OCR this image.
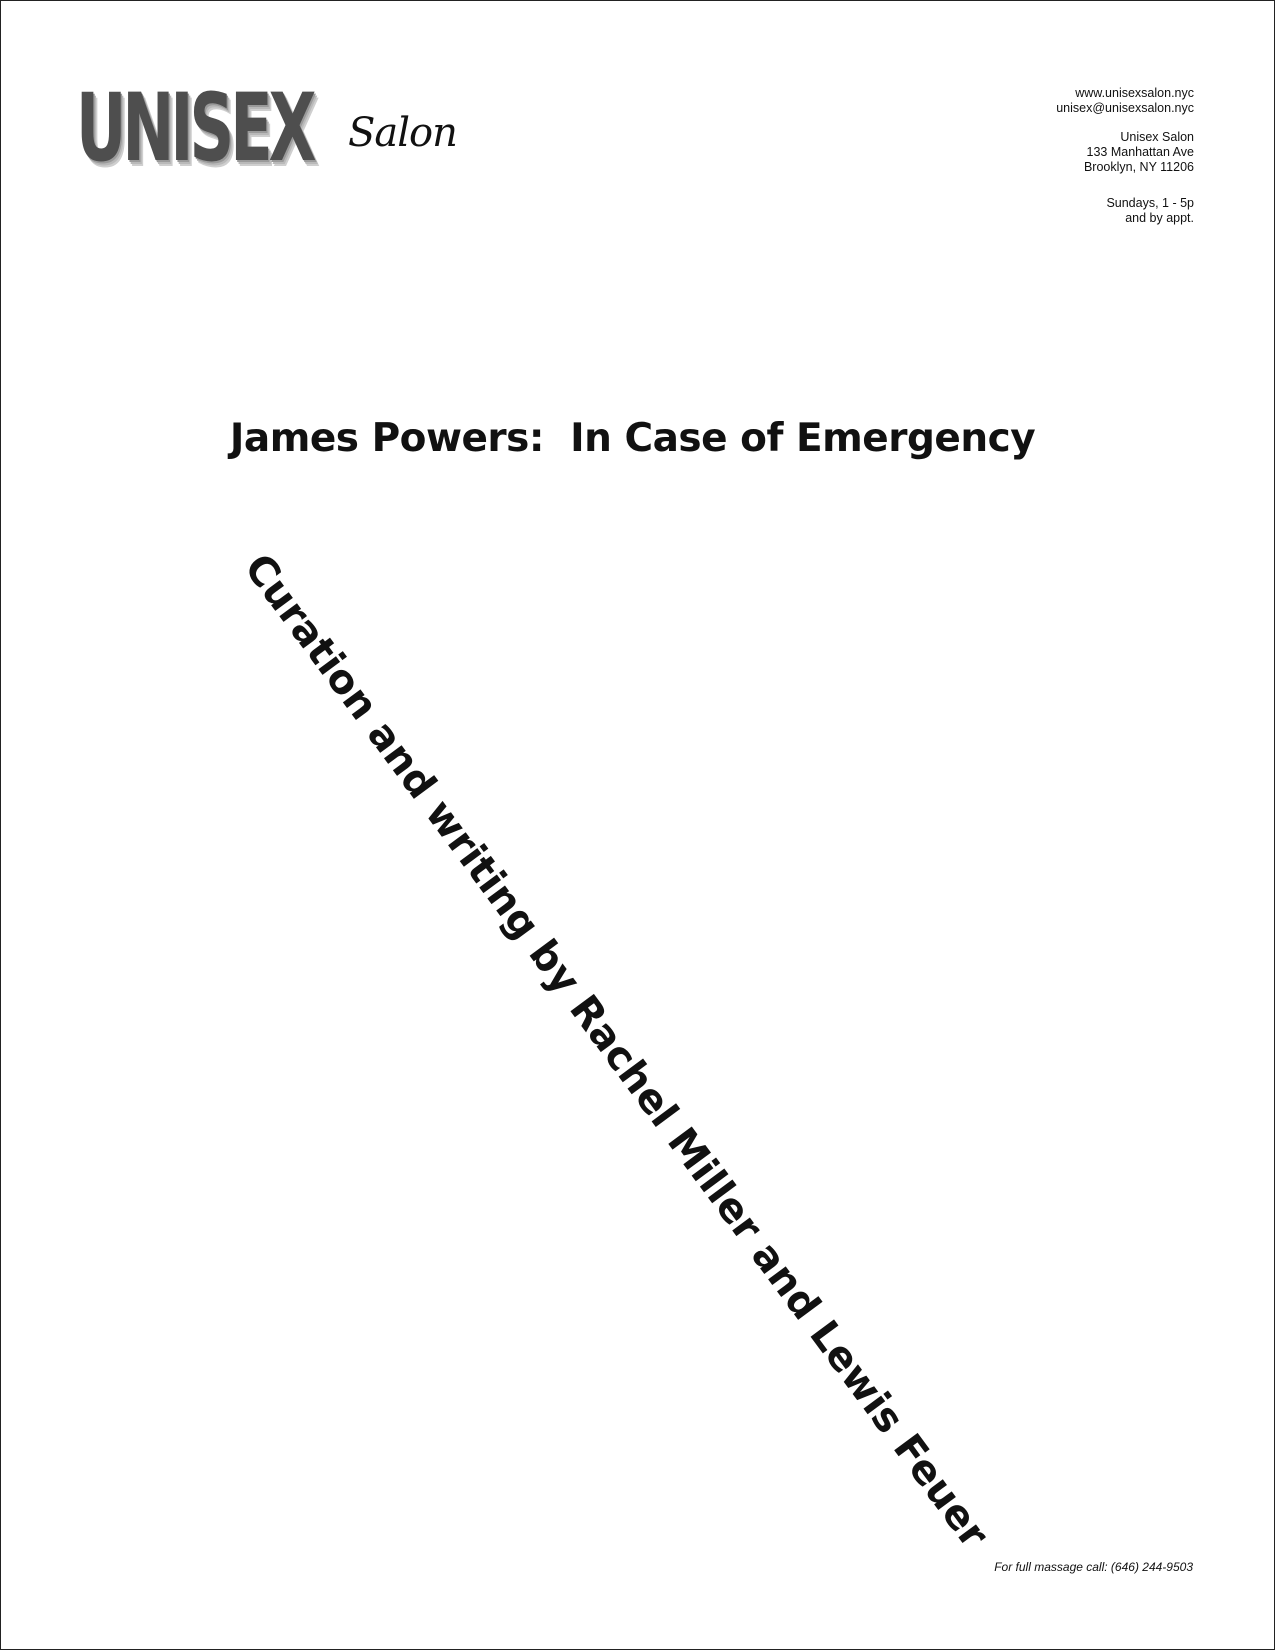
UNISEX Salon
www.unisexsalon.nyc
unisex@unisexsalon.nyc
Unisex Salon
133 Manhattan Ave
Brooklyn, NY 11206
Sundays, 1 - 5p
and by appt.
James Powers:  In Case of Emergency
Curation and writing by Rachel Miller and Lewis Feuer
For full massage call: (646) 244-9503
